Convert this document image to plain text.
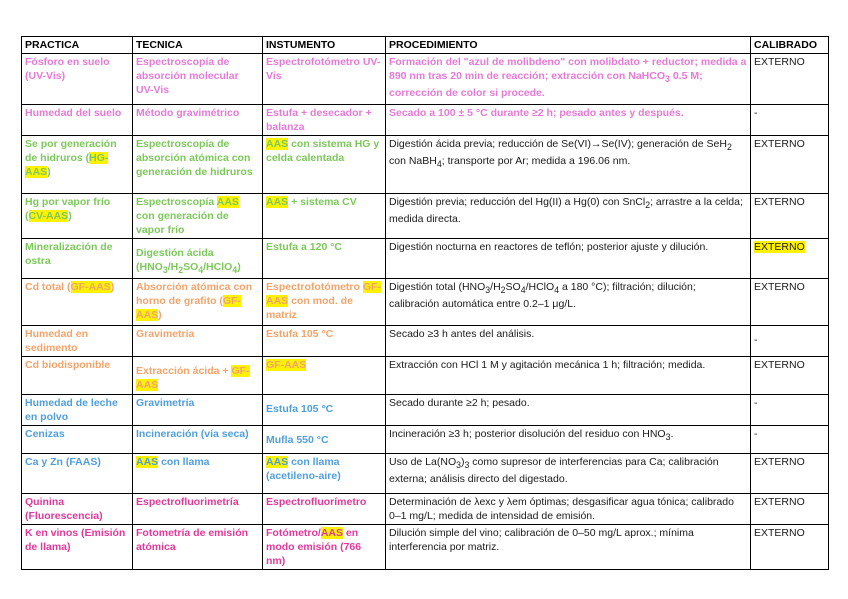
PRACTICA	TECNICA	INSTUMENTO	PROCEDIMIENTO	CALIBRADO
Fósforo en suelo (UV-Vis)	Espectroscopía de absorción molecular UV-Vis	Espectrofotómetro UV-Vis	Formación del "azul de molibdeno" con molibdato + reductor; medida a 890 nm tras 20 min de reacción; extracción con NaHCO$_3$ 0.5 M; corrección de color si procede.	EXTERNO
Humedad del suelo	Método gravimétrico	Estufa + desecador + balanza	Secado a 100 ± 5 °C durante ≥2 h; pesado antes y después.	-
Se por generación de hidruros (HG-AAS)	Espectroscopía de absorción atómica con generación de hidruros	AAS con sistema HG y celda calentada	Digestión ácida previa; reducción de Se(VI)→Se(IV); generación de SeH$_2$ con NaBH$_4$; transporte por Ar; medida a 196.06 nm.	EXTERNO
Hg por vapor frío (CV-AAS)	Espectroscopía AAS con generación de vapor frío	AAS + sistema CV	Digestión previa; reducción del Hg(II) a Hg(0) con SnCl$_2$; arrastre a la celda; medida directa.	EXTERNO
Mineralización de ostra	Digestión ácida $(HNO_3/H_2SO_4/HClO_4)$	Estufa a 120 °C	Digestión nocturna en reactores de teflón; posterior ajuste y dilución.	EXTERNO
Cd total (GF-AAS)	Absorción atómica con horno de grafito (GF-AAS)	Espectrofotómetro GF-AAS con mod. de matriz	Digestión total ($HNO_3/H_2SO_4/HClO_4$ a 180 °C); filtración; dilución; calibración automática entre 0.2–1 μg/L.	EXTERNO
Humedad en sedimento	Gravimetría	Estufa 105 °C	Secado ≥3 h antes del análisis.	-

Cd biodisponible	Extracción ácida + GF-AAS	GF-AAS	Extracción con HCl 1 M y agitación mecánica 1 h; filtración; medida.	EXTERNO
Humedad de leche en polvo	Gravimetría	Estufa 105 °C	Secado durante ≥2 h; pesado.	-
Cenizas	Incineración (vía seca)	Mufla 550 °C	Incineración ≥3 h; posterior disolución del residuo con $HNO_3$.	-
Ca y Zn (FAAS)	AAS con llama	AAS con llama (acetileno-aire)	Uso de $La(NO_3)_3$ como supresor de interferencias para Ca; calibración externa; análisis directo del digestado.	EXTERNO
Quinina (Fluorescencia)	Espectrofluorimetría	Espectrofluorímetro	Determinación de λexc y λem óptimas; desgasificar agua tónica; calibrado 0–1 mg/L; medida de intensidad de emisión.	EXTERNO
K en vinos (Emisión de llama)	Fotometría de emisión atómica	Fotómetro/AAS en modo emisión (766 nm)	Dilución simple del vino; calibración de 0–50 mg/L aprox.; mínima interferencia por matriz.	EXTERNO
